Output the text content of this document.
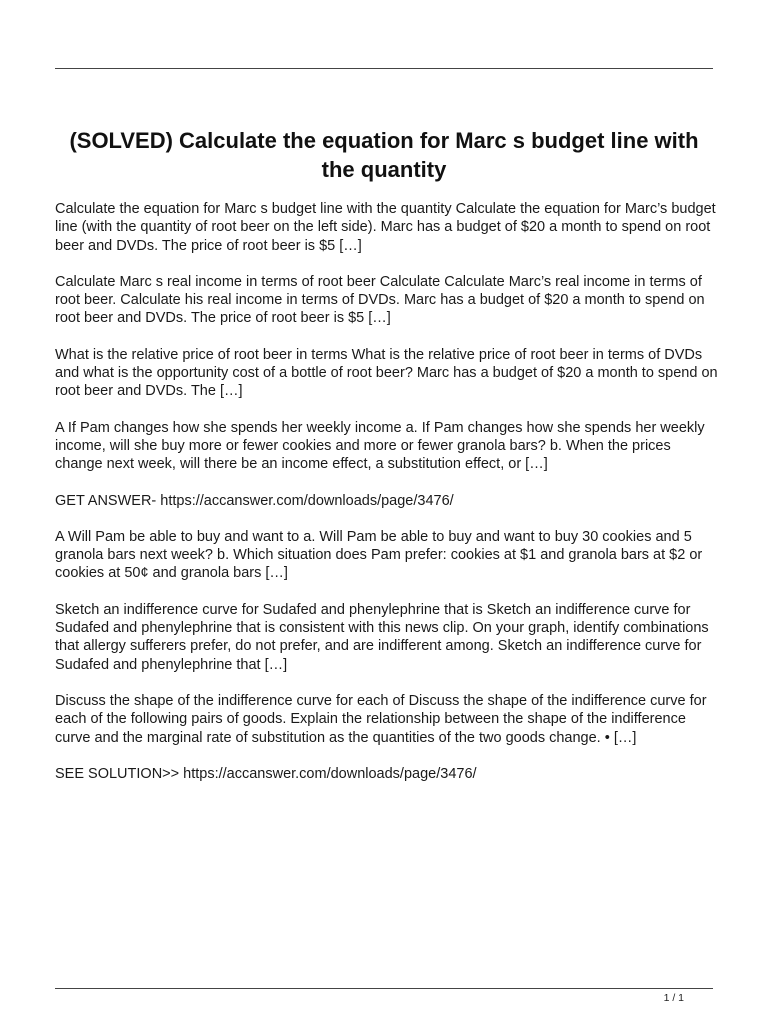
(SOLVED) Calculate the equation for Marc s budget line with the quantity

Calculate the equation for Marc s budget line with the quantity Calculate the equation for Marc’s budget line (with the quantity of root beer on the left side). Marc has a budget of $20 a month to spend on root beer and DVDs. The price of root beer is $5 […]

Calculate Marc s real income in terms of root beer Calculate Calculate Marc’s real income in terms of root beer. Calculate his real income in terms of DVDs. Marc has a budget of $20 a month to spend on root beer and DVDs. The price of root beer is $5 […]

What is the relative price of root beer in terms What is the relative price of root beer in terms of DVDs and what is the opportunity cost of a bottle of root beer? Marc has a budget of $20 a month to spend on root beer and DVDs. The […]

A If Pam changes how she spends her weekly income a. If Pam changes how she spends her weekly income, will she buy more or fewer cookies and more or fewer granola bars? b. When the prices change next week, will there be an income effect, a substitution effect, or […]

GET ANSWER- https://accanswer.com/downloads/page/3476/

A Will Pam be able to buy and want to a. Will Pam be able to buy and want to buy 30 cookies and 5 granola bars next week? b. Which situation does Pam prefer: cookies at $1 and granola bars at $2 or cookies at 50¢ and granola bars […]

Sketch an indifference curve for Sudafed and phenylephrine that is Sketch an indifference curve for Sudafed and phenylephrine that is consistent with this news clip. On your graph, identify combinations that allergy sufferers prefer, do not prefer, and are indifferent among. Sketch an indifference curve for Sudafed and phenylephrine that […]

Discuss the shape of the indifference curve for each of Discuss the shape of the indifference curve for each of the following pairs of goods. Explain the relationship between the shape of the indifference curve and the marginal rate of substitution as the quantities of the two goods change. • […]

SEE SOLUTION>> https://accanswer.com/downloads/page/3476/

1 / 1
